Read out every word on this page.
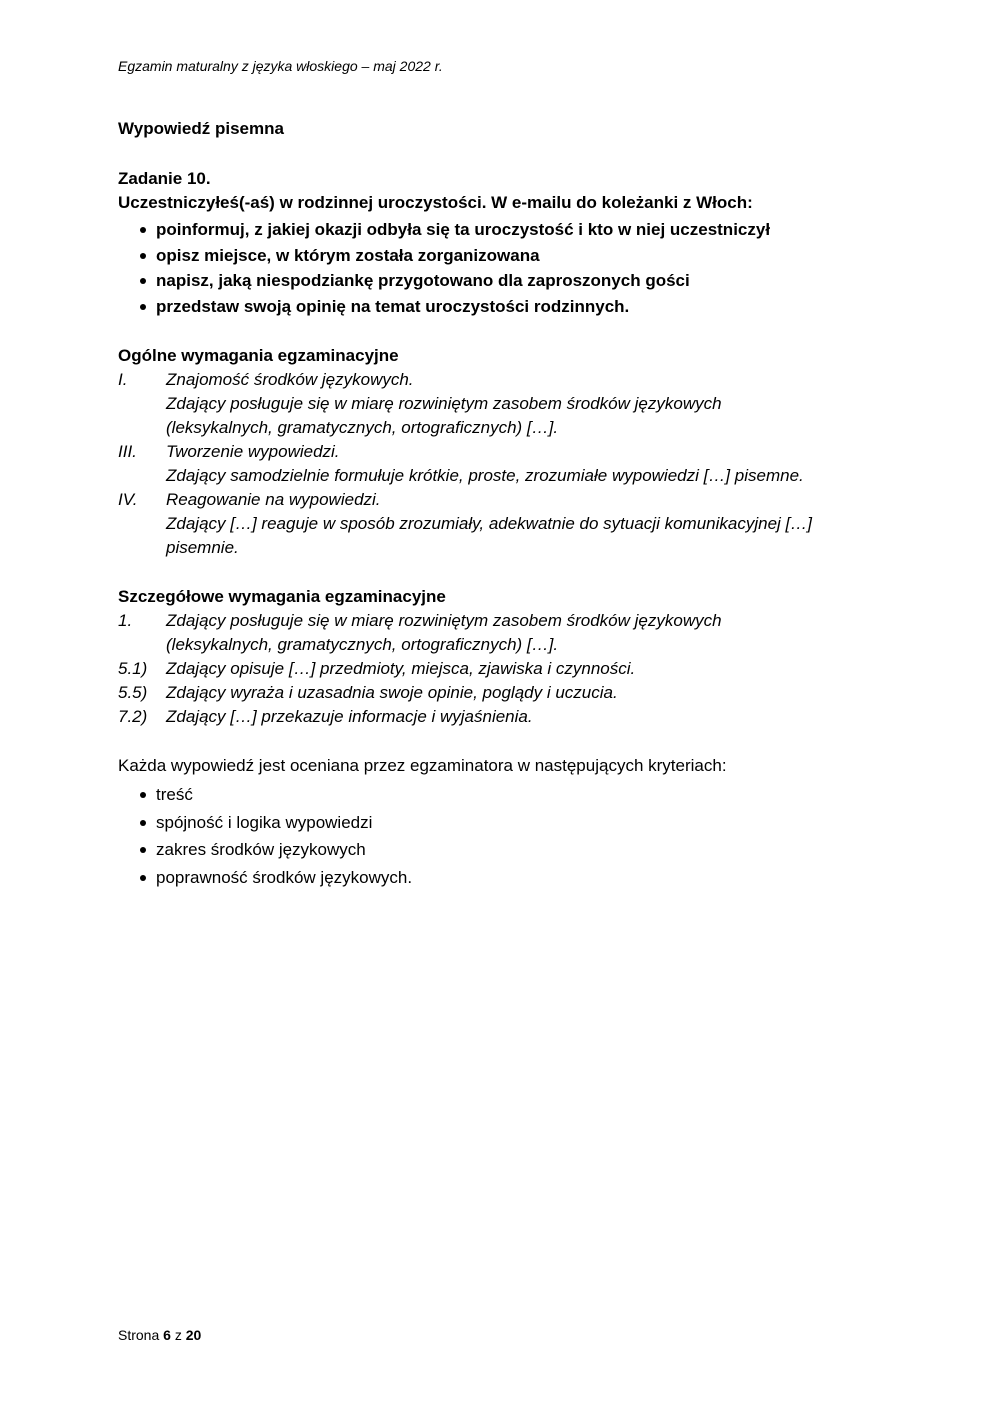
Egzamin maturalny z języka włoskiego – maj 2022 r.

Wypowiedź pisemna

Zadanie 10.

Uczestniczyłeś(-aś) w rodzinnej uroczystości. W e-mailu do koleżanki z Włoch:

poinformuj, z jakiej okazji odbyła się ta uroczystość i kto w niej uczestniczył
opisz miejsce, w którym została zorganizowana
napisz, jaką niespodziankę przygotowano dla zaproszonych gości
przedstaw swoją opinię na temat uroczystości rodzinnych.

Ogólne wymagania egzaminacyjne

I.	Znajomość środków językowych.
Zdający posługuje się w miarę rozwiniętym zasobem środków językowych
(leksykalnych, gramatycznych, ortograficznych) […].
III.	Tworzenie wypowiedzi.
Zdający samodzielnie formułuje krótkie, proste, zrozumiałe wypowiedzi […] pisemne.
IV.	Reagowanie na wypowiedzi.
Zdający […] reaguje w sposób zrozumiały, adekwatnie do sytuacji komunikacyjnej […]
pisemnie.

Szczegółowe wymagania egzaminacyjne

1.	Zdający posługuje się w miarę rozwiniętym zasobem środków językowych
(leksykalnych, gramatycznych, ortograficznych) […].
5.1)	Zdający opisuje […] przedmioty, miejsca, zjawiska i czynności.
5.5)	Zdający wyraża i uzasadnia swoje opinie, poglądy i uczucia.
7.2)	Zdający […] przekazuje informacje i wyjaśnienia.

Każda wypowiedź jest oceniana przez egzaminatora w następujących kryteriach:

treść
spójność i logika wypowiedzi
zakres środków językowych
poprawność środków językowych.
Strona 6 z 20
